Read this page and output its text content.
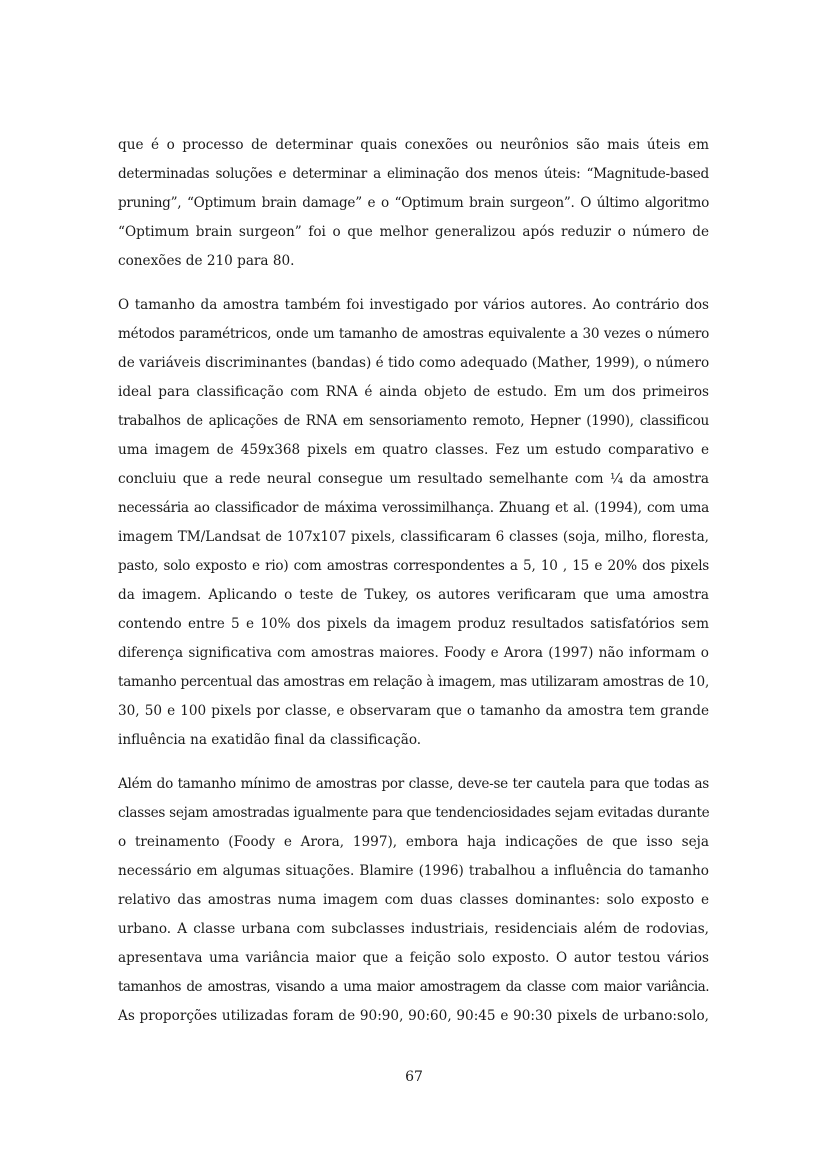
que é o processo de determinar quais conexões ou neurônios são mais úteis em
determinadas soluções e determinar a eliminação dos menos úteis: “Magnitude-based
pruning”, “Optimum brain damage” e o “Optimum brain surgeon”. O último algoritmo
“Optimum brain surgeon” foi o que melhor generalizou após reduzir o número de
conexões de 210 para 80.
O tamanho da amostra também foi investigado por vários autores. Ao contrário dos
métodos paramétricos, onde um tamanho de amostras equivalente a 30 vezes o número
de variáveis discriminantes (bandas) é tido como adequado (Mather, 1999), o número
ideal para classificação com RNA é ainda objeto de estudo. Em um dos primeiros
trabalhos de aplicações de RNA em sensoriamento remoto, Hepner (1990), classificou
uma imagem de 459x368 pixels em quatro classes. Fez um estudo comparativo e
concluiu que a rede neural consegue um resultado semelhante com ¼ da amostra
necessária ao classificador de máxima verossimilhança. Zhuang et al. (1994), com uma
imagem TM/Landsat de 107x107 pixels, classificaram 6 classes (soja, milho, floresta,
pasto, solo exposto e rio) com amostras correspondentes a 5, 10 , 15 e 20% dos pixels
da imagem. Aplicando o teste de Tukey, os autores verificaram que uma amostra
contendo entre 5 e 10% dos pixels da imagem produz resultados satisfatórios sem
diferença significativa com amostras maiores. Foody e Arora (1997) não informam o
tamanho percentual das amostras em relação à imagem, mas utilizaram amostras de 10,
30, 50 e 100 pixels por classe, e observaram que o tamanho da amostra tem grande
influência na exatidão final da classificação.
Além do tamanho mínimo de amostras por classe, deve-se ter cautela para que todas as
classes sejam amostradas igualmente para que tendenciosidades sejam evitadas durante
o treinamento (Foody e Arora, 1997), embora haja indicações de que isso seja
necessário em algumas situações. Blamire (1996) trabalhou a influência do tamanho
relativo das amostras numa imagem com duas classes dominantes: solo exposto e
urbano. A classe urbana com subclasses industriais, residenciais além de rodovias,
apresentava uma variância maior que a feição solo exposto. O autor testou vários
tamanhos de amostras, visando a uma maior amostragem da classe com maior variância.
As proporções utilizadas foram de 90:90, 90:60, 90:45 e 90:30 pixels de urbano:solo,
67
